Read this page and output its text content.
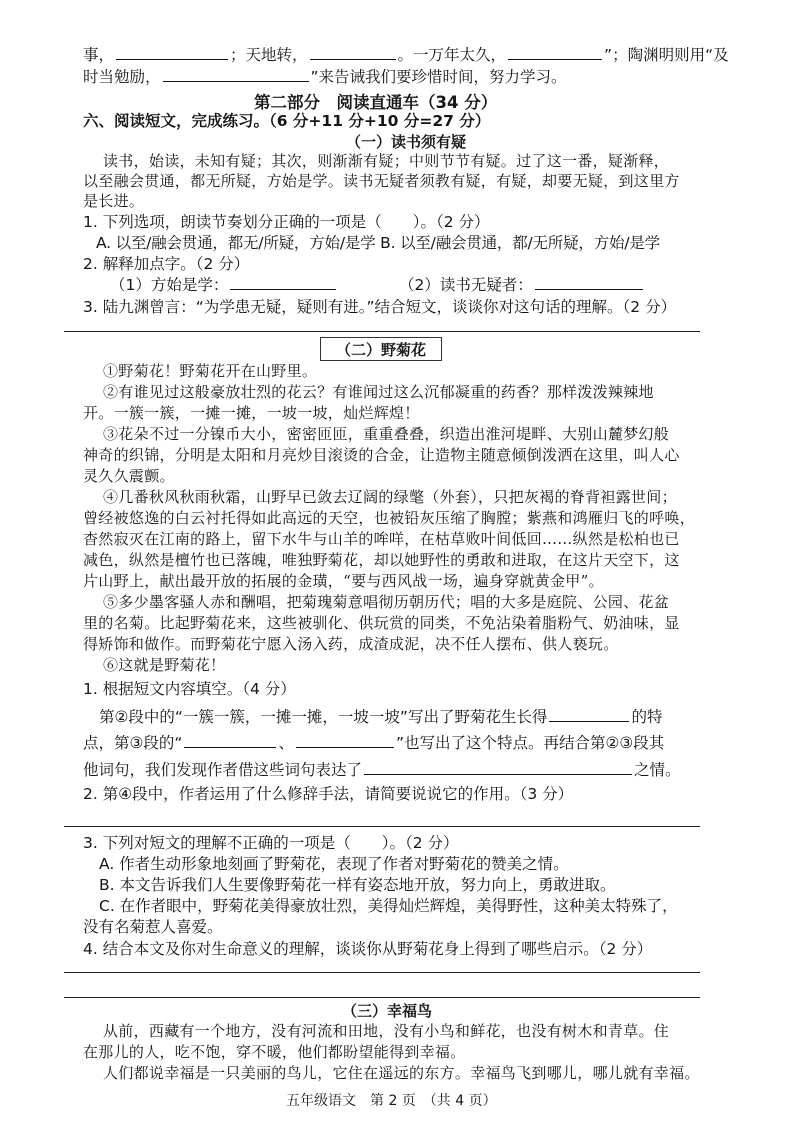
事，	；天地转，	。一万年太久，	”；陶渊明则用“及
时当勉励，	”来告诫我们要珍惜时间，努力学习。
第二部分　 阅读直通车（34 分）
六、阅读短文，完成练习。（6 分+11 分+10 分=27 分）
（一）读书须有疑
读书，始读，未知有疑；其次，则渐渐有疑；中则节节有疑。过了这一番，疑渐释，
以至融会贯通，都无所疑，方始是学。读书无疑者须教有疑，有疑，却要无疑，到这里方
是长进。
1. 下列选项，朗读节奏划分正确的一项是（　　）。（2 分）
A. 以至/融会贯通，都无/所疑，方始/是学 B. 以至/融会贯通，都/无所疑，方始/是学
2. 解释加点字。（2 分）
（1）方始是学：	（2）读书无疑者：
3. 陆九渊曾言：“为学患无疑，疑则有进。”结合短文，谈谈你对这句话的理解。（2 分）
（二）野菊花
①野菊花！野菊花开在山野里。
②有谁见过这般豪放壮烈的花云？有谁闻过这么沉郁凝重的药香？那样泼泼辣辣地
开。一簇一簇，一摊一摊，一坡一坡，灿烂辉煌！
③花朵不过一分镍币大小，密密匝匝，重重叠叠，织造出淮河堤畔、大别山麓梦幻般
神奇的织锦，分明是太阳和月亮炒目滚烫的合金，让造物主随意倾倒泼洒在这里，叫人心
灵久久震颤。
④几番秋风秋雨秋霜，山野早已敛去辽阔的绿氅（外套），只把灰褐的脊背袒露世间；
曾经被悠逸的白云衬托得如此高远的天空，也被铅灰压缩了胸膛；紫燕和鸿雁归飞的呼唤，
杳然寂灭在江南的路上，留下水牛与山羊的哞咩，在枯草败叶间低回……纵然是松柏也已
减色，纵然是檀竹也已落魄，唯独野菊花，却以她野性的勇敢和进取，在这片天空下，这
片山野上，献出最开放的拓展的金璜，“要与西风战一场，遍身穿就黄金甲”。
⑤多少墨客骚人赤和酬唱，把菊瑰菊意唱彻历朝历代；唱的大多是庭院、公园、花盆
里的名菊。比起野菊花来，这些被驯化、供玩赏的同类，不免沾染着脂粉气、奶油味，显
得矫饰和做作。而野菊花宁愿入汤入药，成渣成泥，决不任人摆布、供人亵玩。
⑥这就是野菊花！
1. 根据短文内容填空。（4 分）
第②段中的“一簇一簇，一摊一摊，一坡一坡”写出了野菊花生长得	的特
点，第③段的“	、	”也写出了这个特点。再结合第②③段其
他词句，我们发现作者借这些词句表达了	之情。
2. 第④段中，作者运用了什么修辞手法，请简要说说它的作用。（3 分）
3. 下列对短文的理解不正确的一项是（　　）。（2 分）
A. 作者生动形象地刻画了野菊花，表现了作者对野菊花的赞美之情。
B. 本文告诉我们人生要像野菊花一样有姿态地开放，努力向上，勇敢进取。
C. 在作者眼中，野菊花美得豪放壮烈，美得灿烂辉煌，美得野性，这种美太特殊了，
没有名菊惹人喜爱。
4. 结合本文及你对生命意义的理解，谈谈你从野菊花身上得到了哪些启示。（2 分）
（三）幸福鸟
从前，西藏有一个地方，没有河流和田地，没有小鸟和鲜花，也没有树木和青草。住
在那儿的人，吃不饱，穿不暖，他们都盼望能得到幸福。
人们都说幸福是一只美丽的鸟儿，它住在遥远的东方。幸福鸟飞到哪儿，哪儿就有幸福。
五年级语文　第 2 页　（共 4 页）
